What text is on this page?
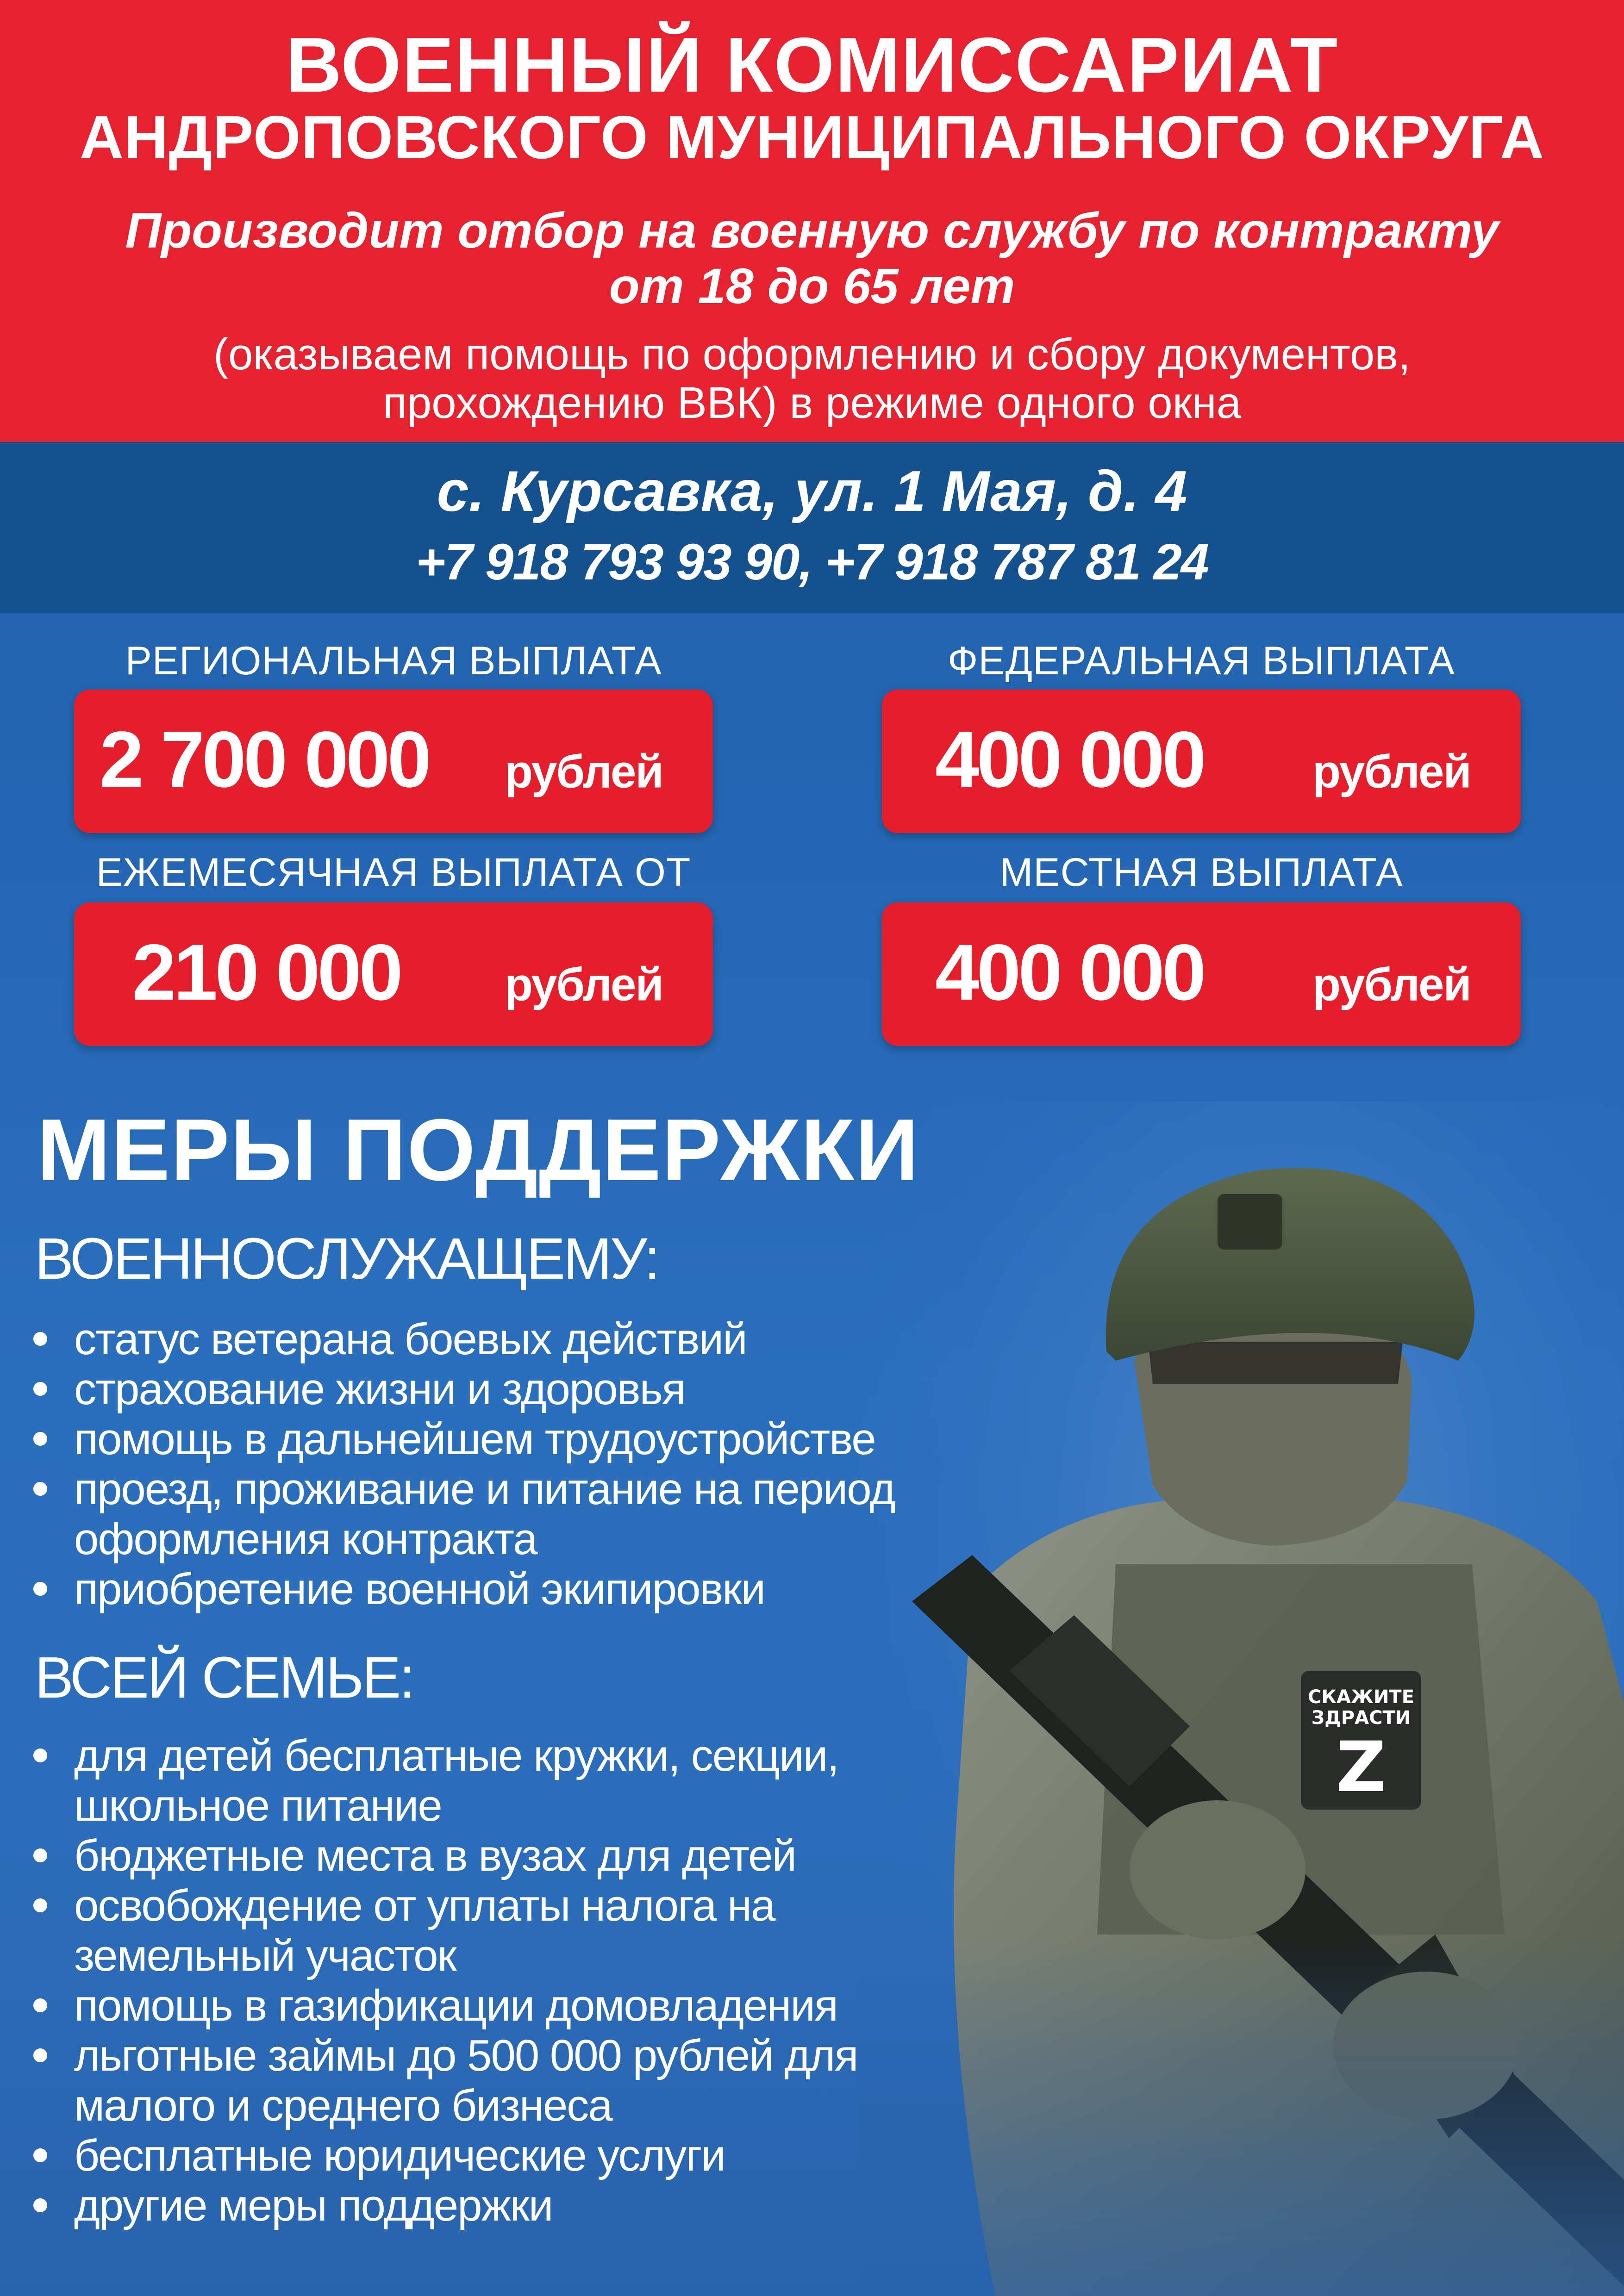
ВОЕННЫЙ КОМИССАРИАТ
АНДРОПОВСКОГО МУНИЦИПАЛЬНОГО ОКРУГА
Производит отбор на военную службу по контракту
от 18 до 65 лет
(оказываем помощь по оформлению и сбору документов,
прохождению ВВК) в режиме одного окна
с. Курсавка, ул. 1 Мая, д. 4
+7 918 793 93 90, +7 918 787 81 24
РЕГИОНАЛЬНАЯ ВЫПЛАТА
2 700 000 рублей
ФЕДЕРАЛЬНАЯ ВЫПЛАТА
400 000 рублей
ЕЖЕМЕСЯЧНАЯ ВЫПЛАТА ОТ
210 000 рублей
МЕСТНАЯ ВЫПЛАТА
400 000 рублей
МЕРЫ ПОДДЕРЖКИ
ВОЕННОСЛУЖАЩЕМУ:
статус ветерана боевых действий
страхование жизни и здоровья
помощь в дальнейшем трудоустройстве
проезд, проживание и питание на период
оформления контракта
приобретение военной экипировки
ВСЕЙ СЕМЬЕ:
для детей бесплатные кружки, секции,
школьное питание
бюджетные места в вузах для детей
освобождение от уплаты налога на
земельный участок
помощь в газификации домовладения
льготные займы до 500 000 рублей для
малого и среднего бизнеса
бесплатные юридические услуги
другие меры поддержки
